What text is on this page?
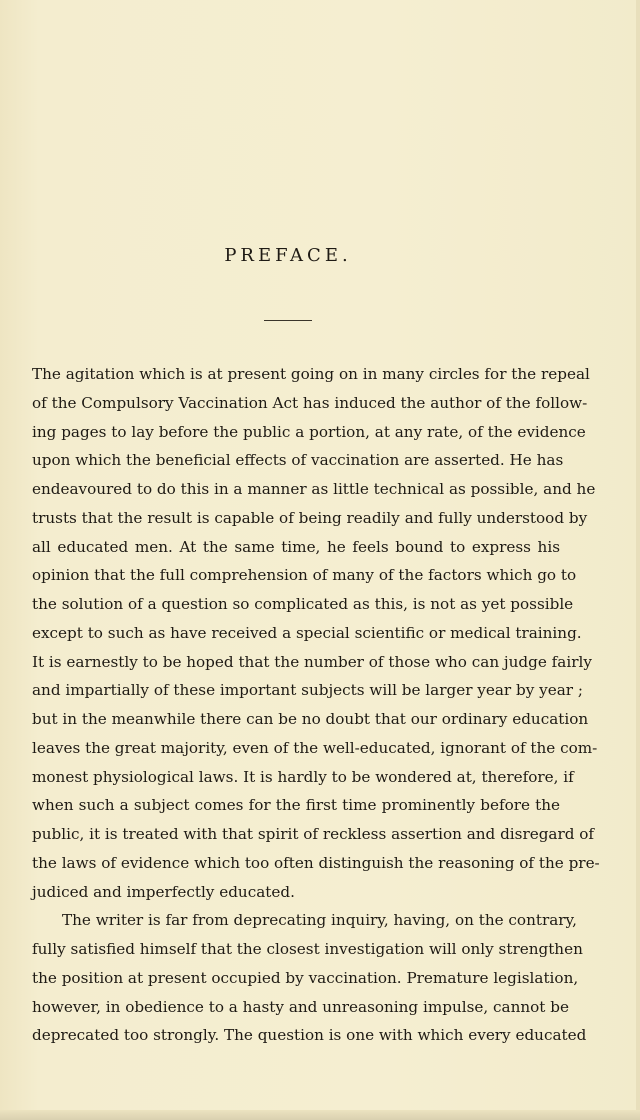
PREFACE.
The agitation which is at present going on in many circles for the repeal
of the Compulsory Vaccination Act has induced the author of the follow-
ing pages to lay before the public a portion, at any rate, of the evidence
upon which the beneficial effects of vaccination are asserted. He has
endeavoured to do this in a manner as little technical as possible, and he
trusts that the result is capable of being readily and fully understood by
all educated men. At the same time, he feels bound to express his
opinion that the full comprehension of many of the factors which go to
the solution of a question so complicated as this, is not as yet possible
except to such as have received a special scientific or medical training.
It is earnestly to be hoped that the number of those who can judge fairly
and impartially of these important subjects will be larger year by year ;
but in the meanwhile there can be no doubt that our ordinary education
leaves the great majority, even of the well-educated, ignorant of the com-
monest physiological laws. It is hardly to be wondered at, therefore, if
when such a subject comes for the first time prominently before the
public, it is treated with that spirit of reckless assertion and disregard of
the laws of evidence which too often distinguish the reasoning of the pre-
judiced and imperfectly educated.
The writer is far from deprecating inquiry, having, on the contrary,
fully satisfied himself that the closest investigation will only strengthen
the position at present occupied by vaccination. Premature legislation,
however, in obedience to a hasty and unreasoning impulse, cannot be
deprecated too strongly. The question is one with which every educated
